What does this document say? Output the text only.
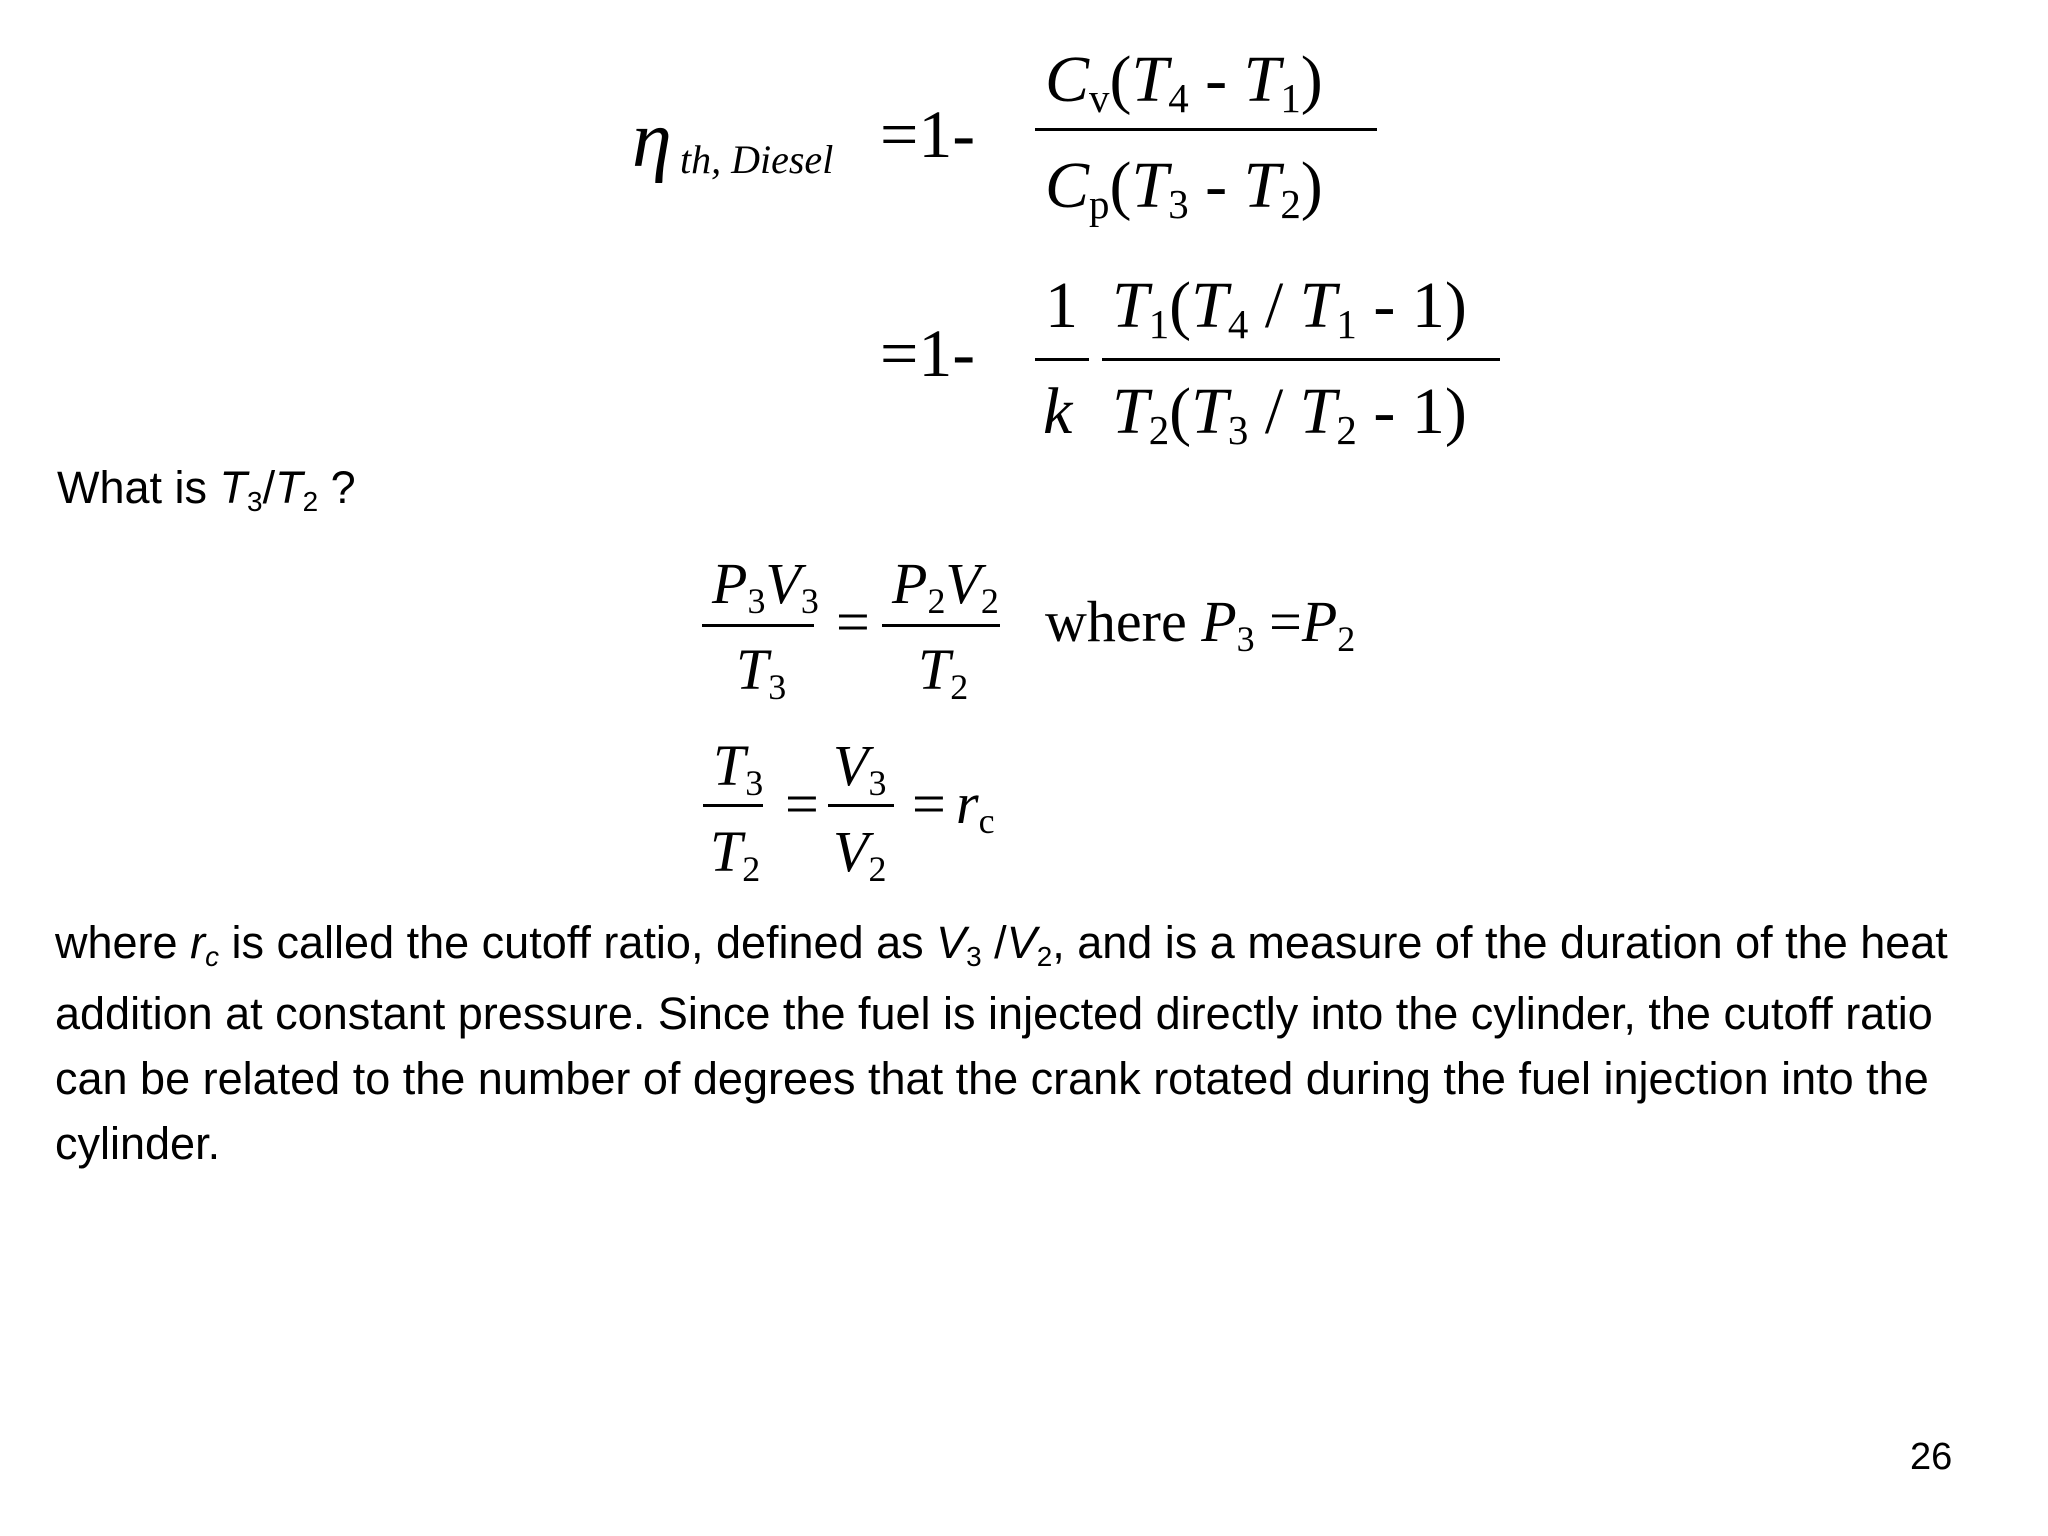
η th, Diesel =1-
Cv(T4 - T1)
Cp(T3 - T2)
=1-
1
k
T1(T4 / T1 - 1)
T2(T3 / T2 - 1)
What is T3/T2 ?
P3V3
T3
=
P2V2
T2
where P3 =P2
T3
T2
=
V3
V2
= rc
where rc is called the cutoff ratio, defined as V3 /V2, and is a measure of the duration of the heat addition at constant pressure. Since the fuel is injected directly into the cylinder, the cutoff ratio can be related to the number of degrees that the crank rotated during the fuel injection into the cylinder.
26
